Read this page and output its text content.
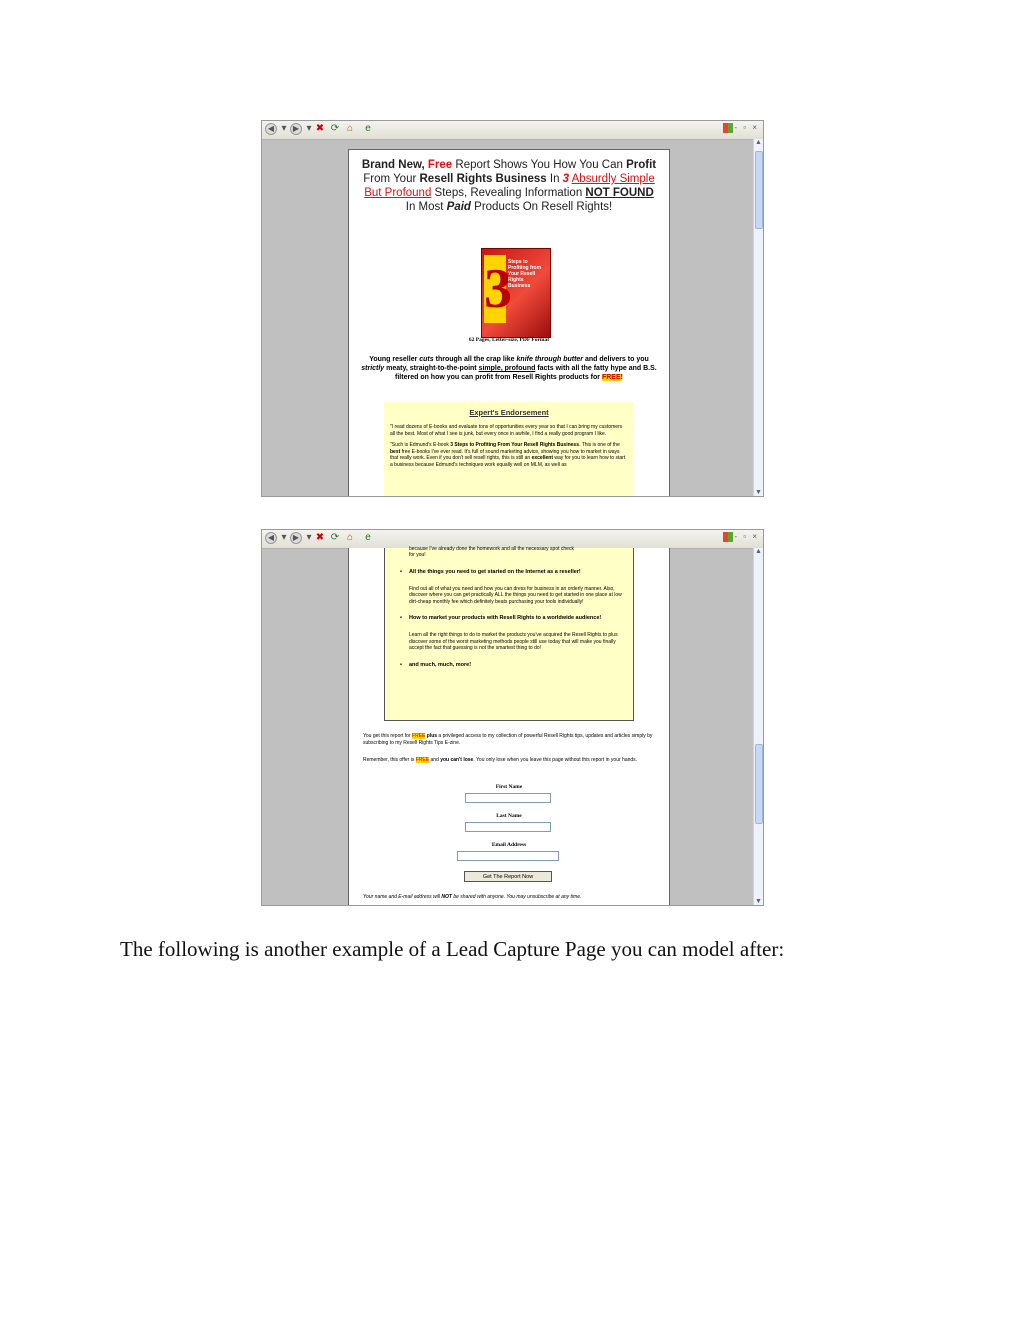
◀ ▾ ▶ ▾ ✖ ⟳ ⌂	e	- ▫ ×
▲
▼
Brand New, Free Report Shows You How You Can Profit From Your Resell Rights Business In 3 Absurdly Simple But Profound Steps, Revealing Information NOT FOUND In Most Paid Products On Resell Rights!
3
Steps to Profiting from Your Resell Rights Business
62 Pages, Letter-size, PDF Format
Young reseller cuts through all the crap like knife through butter and delivers to you strictly meaty, straight-to-the-point simple, profound facts with all the fatty hype and B.S. filtered on how you can profit from Resell Rights products for FREE!
Expert's Endorsement
"I read dozens of E-books and evaluate tons of opportunities every year so that I can bring my customers all the best. Most of what I see is junk, but every once in awhile, I find a really good program I like.
"Such is Edmund's E-book 3 Steps to Profiting From Your Resell Rights Business. This is one of the best free E-books I've ever read. It's full of sound marketing advice, showing you how to market in ways that really work. Even if you don't sell resell rights, this is still an excellent way for you to learn how to start a business because Edmund's techniques work equally well on MLM, as well as
◀ ▾ ▶ ▾ ✖ ⟳ ⌂	e	- ▫ ×
▲
▼
because I've already done the homework and all the necessary spot check
for you!
• All the things you need to get started on the Internet as a reseller!
Find out all of what you need and how you can dress for business in an orderly manner. Also, discover where you can get practically ALL the things you need to get started in one place at low dirt-cheap monthly fee which definitely beats purchasing your tools individually!
• How to market your products with Resell Rights to a worldwide audience!
Learn all the right things to do to market the products you've acquired the Resell Rights to plus discover some of the worst marketing methods people still use today that will make you finally accept the fact that guessing is not the smartest thing to do!
• and much, much, more!
You get this report for FREE plus a privileged access to my collection of powerful Resell Rights tips, updates and articles simply by subscribing to my Resell Rights Tips E-zine.
Remember, this offer is FREE and you can't lose. You only lose when you leave this page without this report in your hands.
First Name
Last Name
Email Address
Get The Report Now
Your name and E-mail address will NOT be shared with anyone. You may unsubscribe at any time.
The following is another example of a Lead Capture Page you can model after:
